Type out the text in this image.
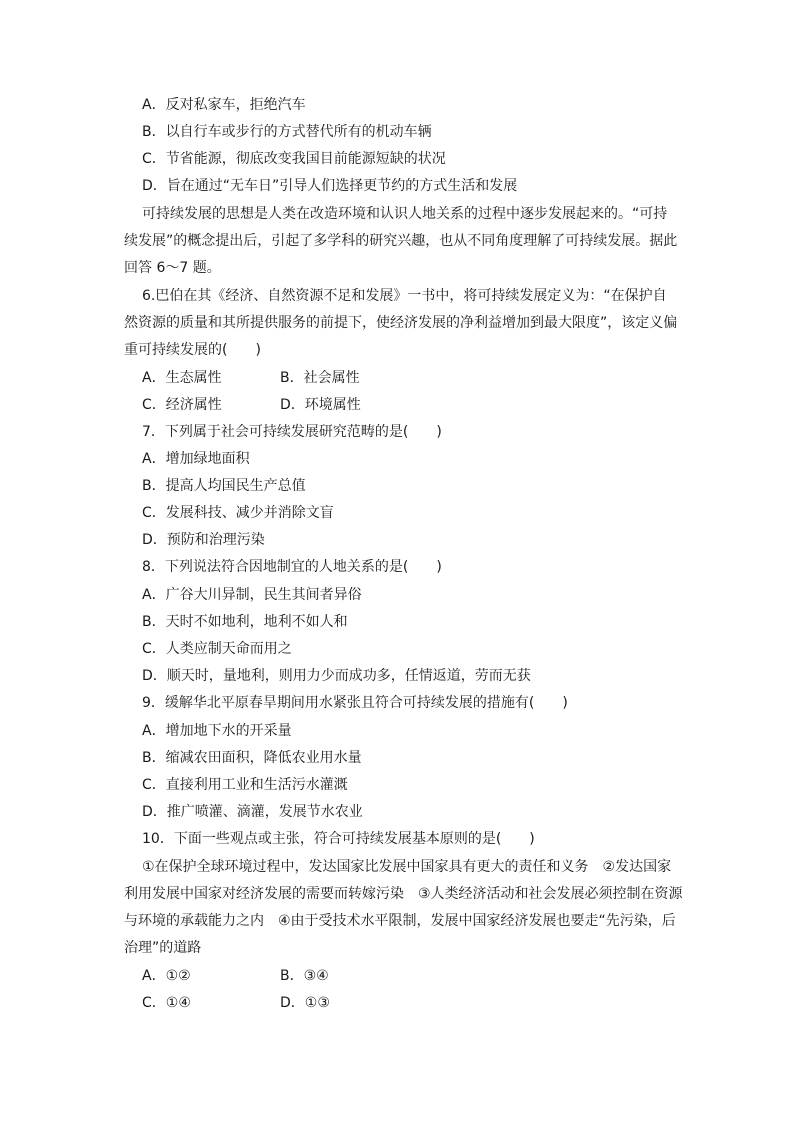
A．反对私家车，拒绝汽车
B．以自行车或步行的方式替代所有的机动车辆
C．节省能源，彻底改变我国目前能源短缺的状况
D．旨在通过“无车日”引导人们选择更节约的方式生活和发展
可持续发展的思想是人类在改造环境和认识人地关系的过程中逐步发展起来的。“可持
续发展”的概念提出后，引起了多学科的研究兴趣，也从不同角度理解了可持续发展。据此
回答 6～7 题。
6.巴伯在其《经济、自然资源不足和发展》一书中，将可持续发展定义为：“在保护自
然资源的质量和其所提供服务的前提下，使经济发展的净利益增加到最大限度”，该定义偏
重可持续发展的(　　)
A．生态属性	B．社会属性
C．经济属性	D．环境属性
7．下列属于社会可持续发展研究范畴的是(　　)
A．增加绿地面积
B．提高人均国民生产总值
C．发展科技、减少并消除文盲
D．预防和治理污染
8．下列说法符合因地制宜的人地关系的是(　　)
A．广谷大川异制，民生其间者异俗
B．天时不如地利，地利不如人和
C．人类应制天命而用之
D．顺天时，量地利，则用力少而成功多，任情返道，劳而无获
9．缓解华北平原春旱期间用水紧张且符合可持续发展的措施有(　　)
A．增加地下水的开采量
B．缩减农田面积，降低农业用水量
C．直接利用工业和生活污水灌溉
D．推广喷灌、滴灌，发展节水农业
10．下面一些观点或主张，符合可持续发展基本原则的是(　　)
①在保护全球环境过程中，发达国家比发展中国家具有更大的责任和义务　②发达国家
利用发展中国家对经济发展的需要而转嫁污染　③人类经济活动和社会发展必须控制在资源
与环境的承载能力之内　④由于受技术水平限制，发展中国家经济发展也要走“先污染，后
治理”的道路
A．①②	B．③④
C．①④	D．①③
